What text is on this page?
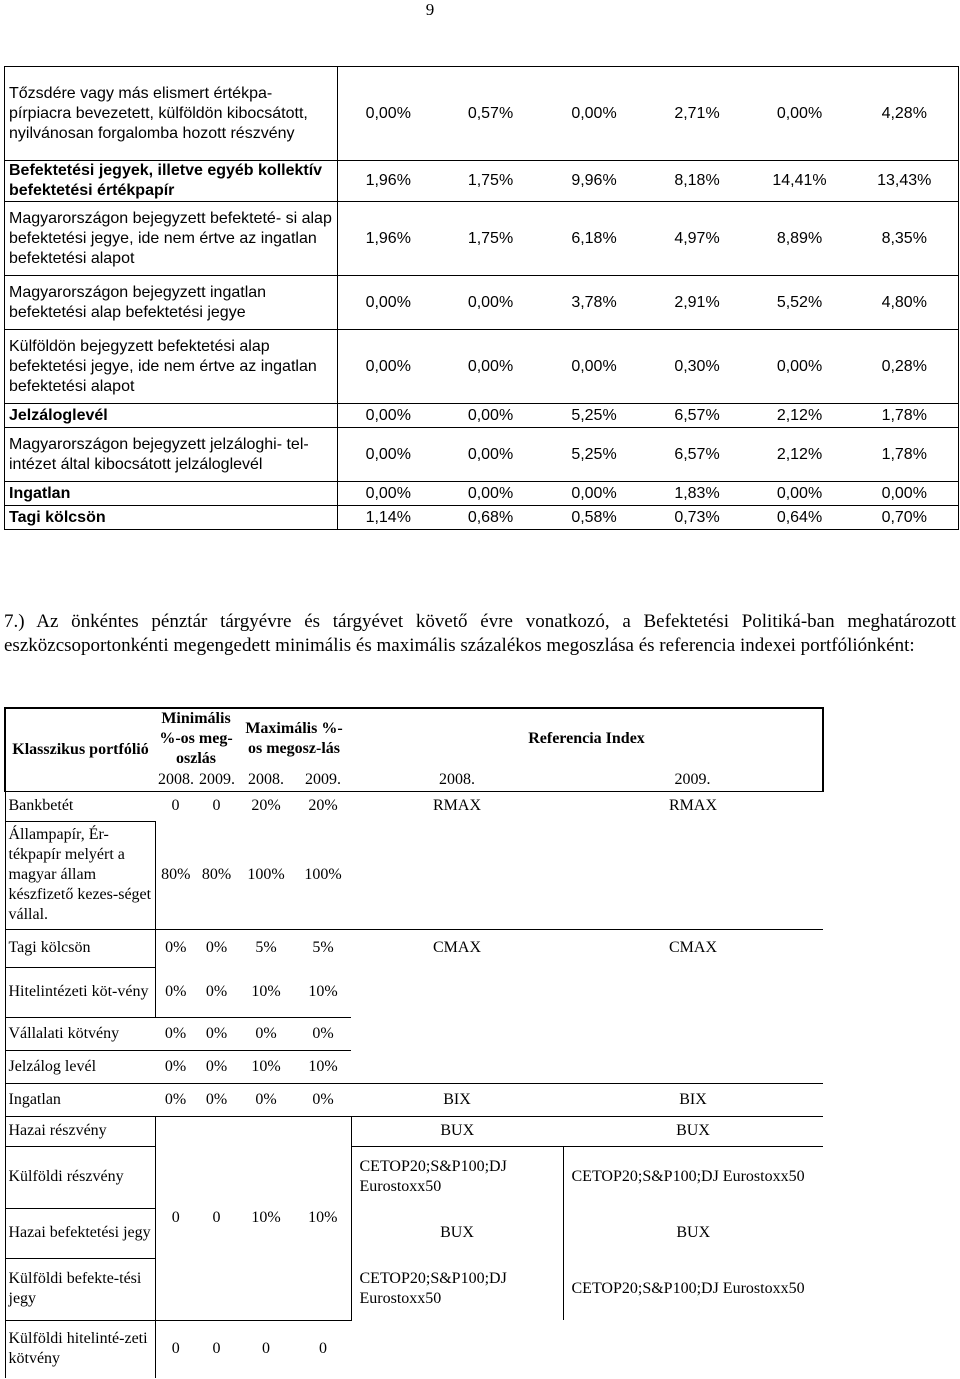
9
Tőzsdére vagy más elismert értékpa- pírpiacra bevezetett, külföldön kibocsátott, nyilvánosan forgalomba hozott részvény	0,00%	0,57%	0,00%	2,71%	0,00%	4,28%
Befektetési jegyek, illetve egyéb kollektív befektetési értékpapír	1,96%	1,75%	9,96%	8,18%	14,41%	13,43%
Magyarországon bejegyzett befekteté- si alap befektetési jegye, ide nem értve az ingatlan befektetési alapot	1,96%	1,75%	6,18%	4,97%	8,89%	8,35%
Magyarországon bejegyzett ingatlan befektetési alap befektetési jegye	0,00%	0,00%	3,78%	2,91%	5,52%	4,80%
Külföldön bejegyzett befektetési alap befektetési jegye, ide nem értve az ingatlan befektetési alapot	0,00%	0,00%	0,00%	0,30%	0,00%	0,28%
Jelzáloglevél	0,00%	0,00%	5,25%	6,57%	2,12%	1,78%
Magyarországon bejegyzett jelzáloghi- tel-intézet által kibocsátott jelzáloglevél	0,00%	0,00%	5,25%	6,57%	2,12%	1,78%
Ingatlan	0,00%	0,00%	0,00%	1,83%	0,00%	0,00%
Tagi kölcsön	1,14%	0,68%	0,58%	0,73%	0,64%	0,70%
7.) Az önkéntes pénztár tárgyévre és tárgyévet követő évre vonatkozó, a Befektetési Politiká-ban meghatározott eszközcsoportonkénti megengedett minimális és maximális százalékos megoszlása és referencia indexei portfóliónként:
Klasszikus portfólió	Minimális %-os meg-oszlás		Maximális %-os megosz-lás		Referencia Index	
	2008.	2009.	2008.	2009.	2008.	2009.
Bankbetét	0	0	20%	20%	RMAX	RMAX
Állampapír, Ér-tékpapír melyért a magyar állam készfizető kezes-séget vállal.	80%	80%	100%	100%		
Tagi kölcsön	0%	0%	5%	5%	CMAX	CMAX
Hitelintézeti köt-vény	0%	0%	10%	10%		
Vállalati kötvény	0%	0%	0%	0%		
Jelzálog levél	0%	0%	10%	10%		
Ingatlan	0%	0%	0%	0%	BIX	BIX
Hazai részvény	0	0	10%	10%	BUX	BUX
Külföldi részvény					CETOP20;S&P100;DJ Eurostoxx50	CETOP20;S&P100;DJ Eurostoxx50
Hazai befektetési jegy					BUX	BUX
Külföldi befekte-tési jegy					CETOP20;S&P100;DJ Eurostoxx50	CETOP20;S&P100;DJ Eurostoxx50
Külföldi hitelinté-zeti kötvény	0	0	0	0		
